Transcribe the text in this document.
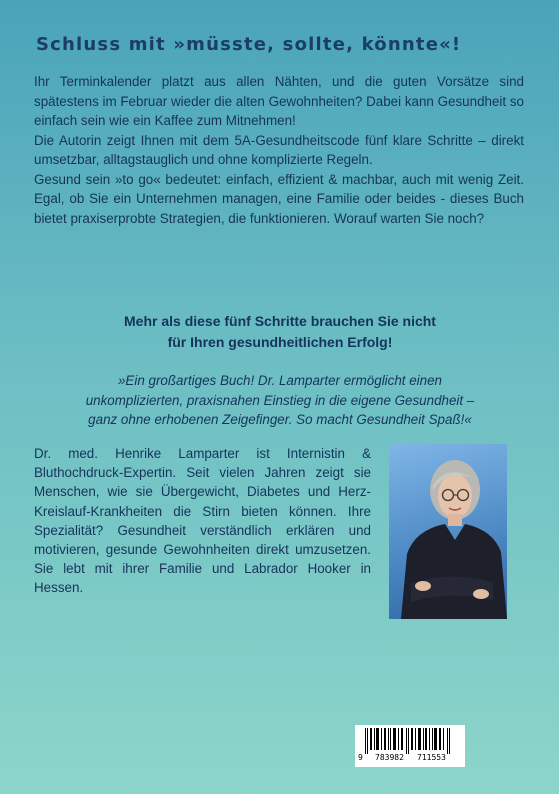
Schluss mit »müsste, sollte, könnte«!

Ihr Terminkalender platzt aus allen Nähten, und die guten Vorsätze sind spätestens im Februar wieder die alten Gewohnheiten? Dabei kann Gesundheit so einfach sein wie ein Kaffee zum Mitnehmen!

Die Autorin zeigt Ihnen mit dem 5A-Gesundheitscode fünf klare Schritte – direkt umsetzbar, alltagstauglich und ohne komplizierte Regeln.

Gesund sein »to go« bedeutet: einfach, effizient & machbar, auch mit wenig Zeit. Egal, ob Sie ein Unternehmen managen, eine Familie oder beides - dieses Buch bietet praxiserprobte Strategien, die funktionieren. Worauf warten Sie noch?

Mehr als diese fünf Schritte brauchen Sie nicht
für Ihren gesundheitlichen Erfolg!
»Ein großartiges Buch! Dr. Lamparter ermöglicht einen
unkomplizierten, praxisnahen Einstieg in die eigene Gesundheit –
ganz ohne erhobenen Zeigefinger. So macht Gesundheit Spaß!«

Dr. med. Henrike Lamparter ist Internistin & Bluthochdruck-Expertin. Seit vielen Jahren zeigt sie Menschen, wie sie Übergewicht, Diabetes und Herz-Kreislauf-Krankheiten die Stirn bieten können. Ihre Spezialität? Gesundheit verständlich erklären und motivieren, gesunde Gewohnheiten direkt umzusetzen. Sie lebt mit ihrer Familie und Labrador Hooker in Hessen.

9 783982 711553
